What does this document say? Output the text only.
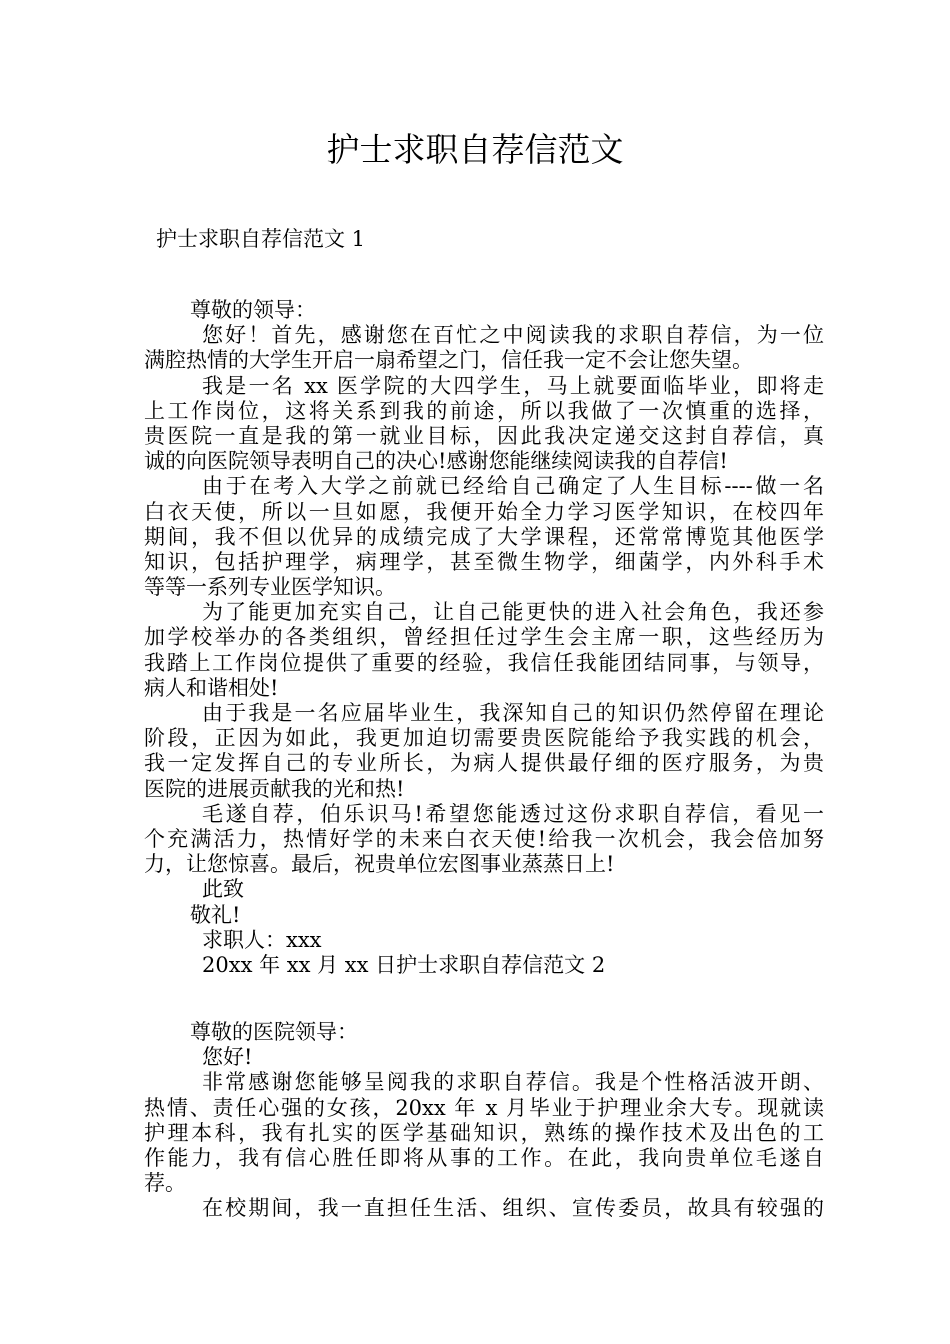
护士求职自荐信范文
护士求职自荐信范文 1
尊敬的领导：
您好！首先，感谢您在百忙之中阅读我的求职自荐信，为一位
满腔热情的大学生开启一扇希望之门，信任我一定不会让您失望。
我是一名 xx 医学院的大四学生，马上就要面临毕业，即将走
上工作岗位，这将关系到我的前途，所以我做了一次慎重的选择，
贵医院一直是我的第一就业目标，因此我决定递交这封自荐信，真
诚的向医院领导表明自己的决心!感谢您能继续阅读我的自荐信!
由于在考入大学之前就已经给自己确定了人生目标----做一名
白衣天使，所以一旦如愿，我便开始全力学习医学知识，在校四年
期间，我不但以优异的成绩完成了大学课程，还常常博览其他医学
知识，包括护理学，病理学，甚至微生物学，细菌学，内外科手术
等等一系列专业医学知识。
为了能更加充实自己，让自己能更快的进入社会角色，我还参
加学校举办的各类组织，曾经担任过学生会主席一职，这些经历为
我踏上工作岗位提供了重要的经验，我信任我能团结同事，与领导，
病人和谐相处!
由于我是一名应届毕业生，我深知自己的知识仍然停留在理论
阶段，正因为如此，我更加迫切需要贵医院能给予我实践的机会，
我一定发挥自己的专业所长，为病人提供最仔细的医疗服务，为贵
医院的进展贡献我的光和热!
毛遂自荐，伯乐识马!希望您能透过这份求职自荐信，看见一
个充满活力，热情好学的未来白衣天使!给我一次机会，我会倍加努
力，让您惊喜。最后，祝贵单位宏图事业蒸蒸日上!
此致
敬礼!
求职人：xxx
20xx 年 xx 月 xx 日护士求职自荐信范文 2
尊敬的医院领导：
您好!
非常感谢您能够呈阅我的求职自荐信。我是个性格活波开朗、
热情、责任心强的女孩，20xx 年 x 月毕业于护理业余大专。现就读
护理本科，我有扎实的医学基础知识，熟练的操作技术及出色的工
作能力，我有信心胜任即将从事的工作。在此，我向贵单位毛遂自
荐。
在校期间，我一直担任生活、组织、宣传委员，故具有较强的
